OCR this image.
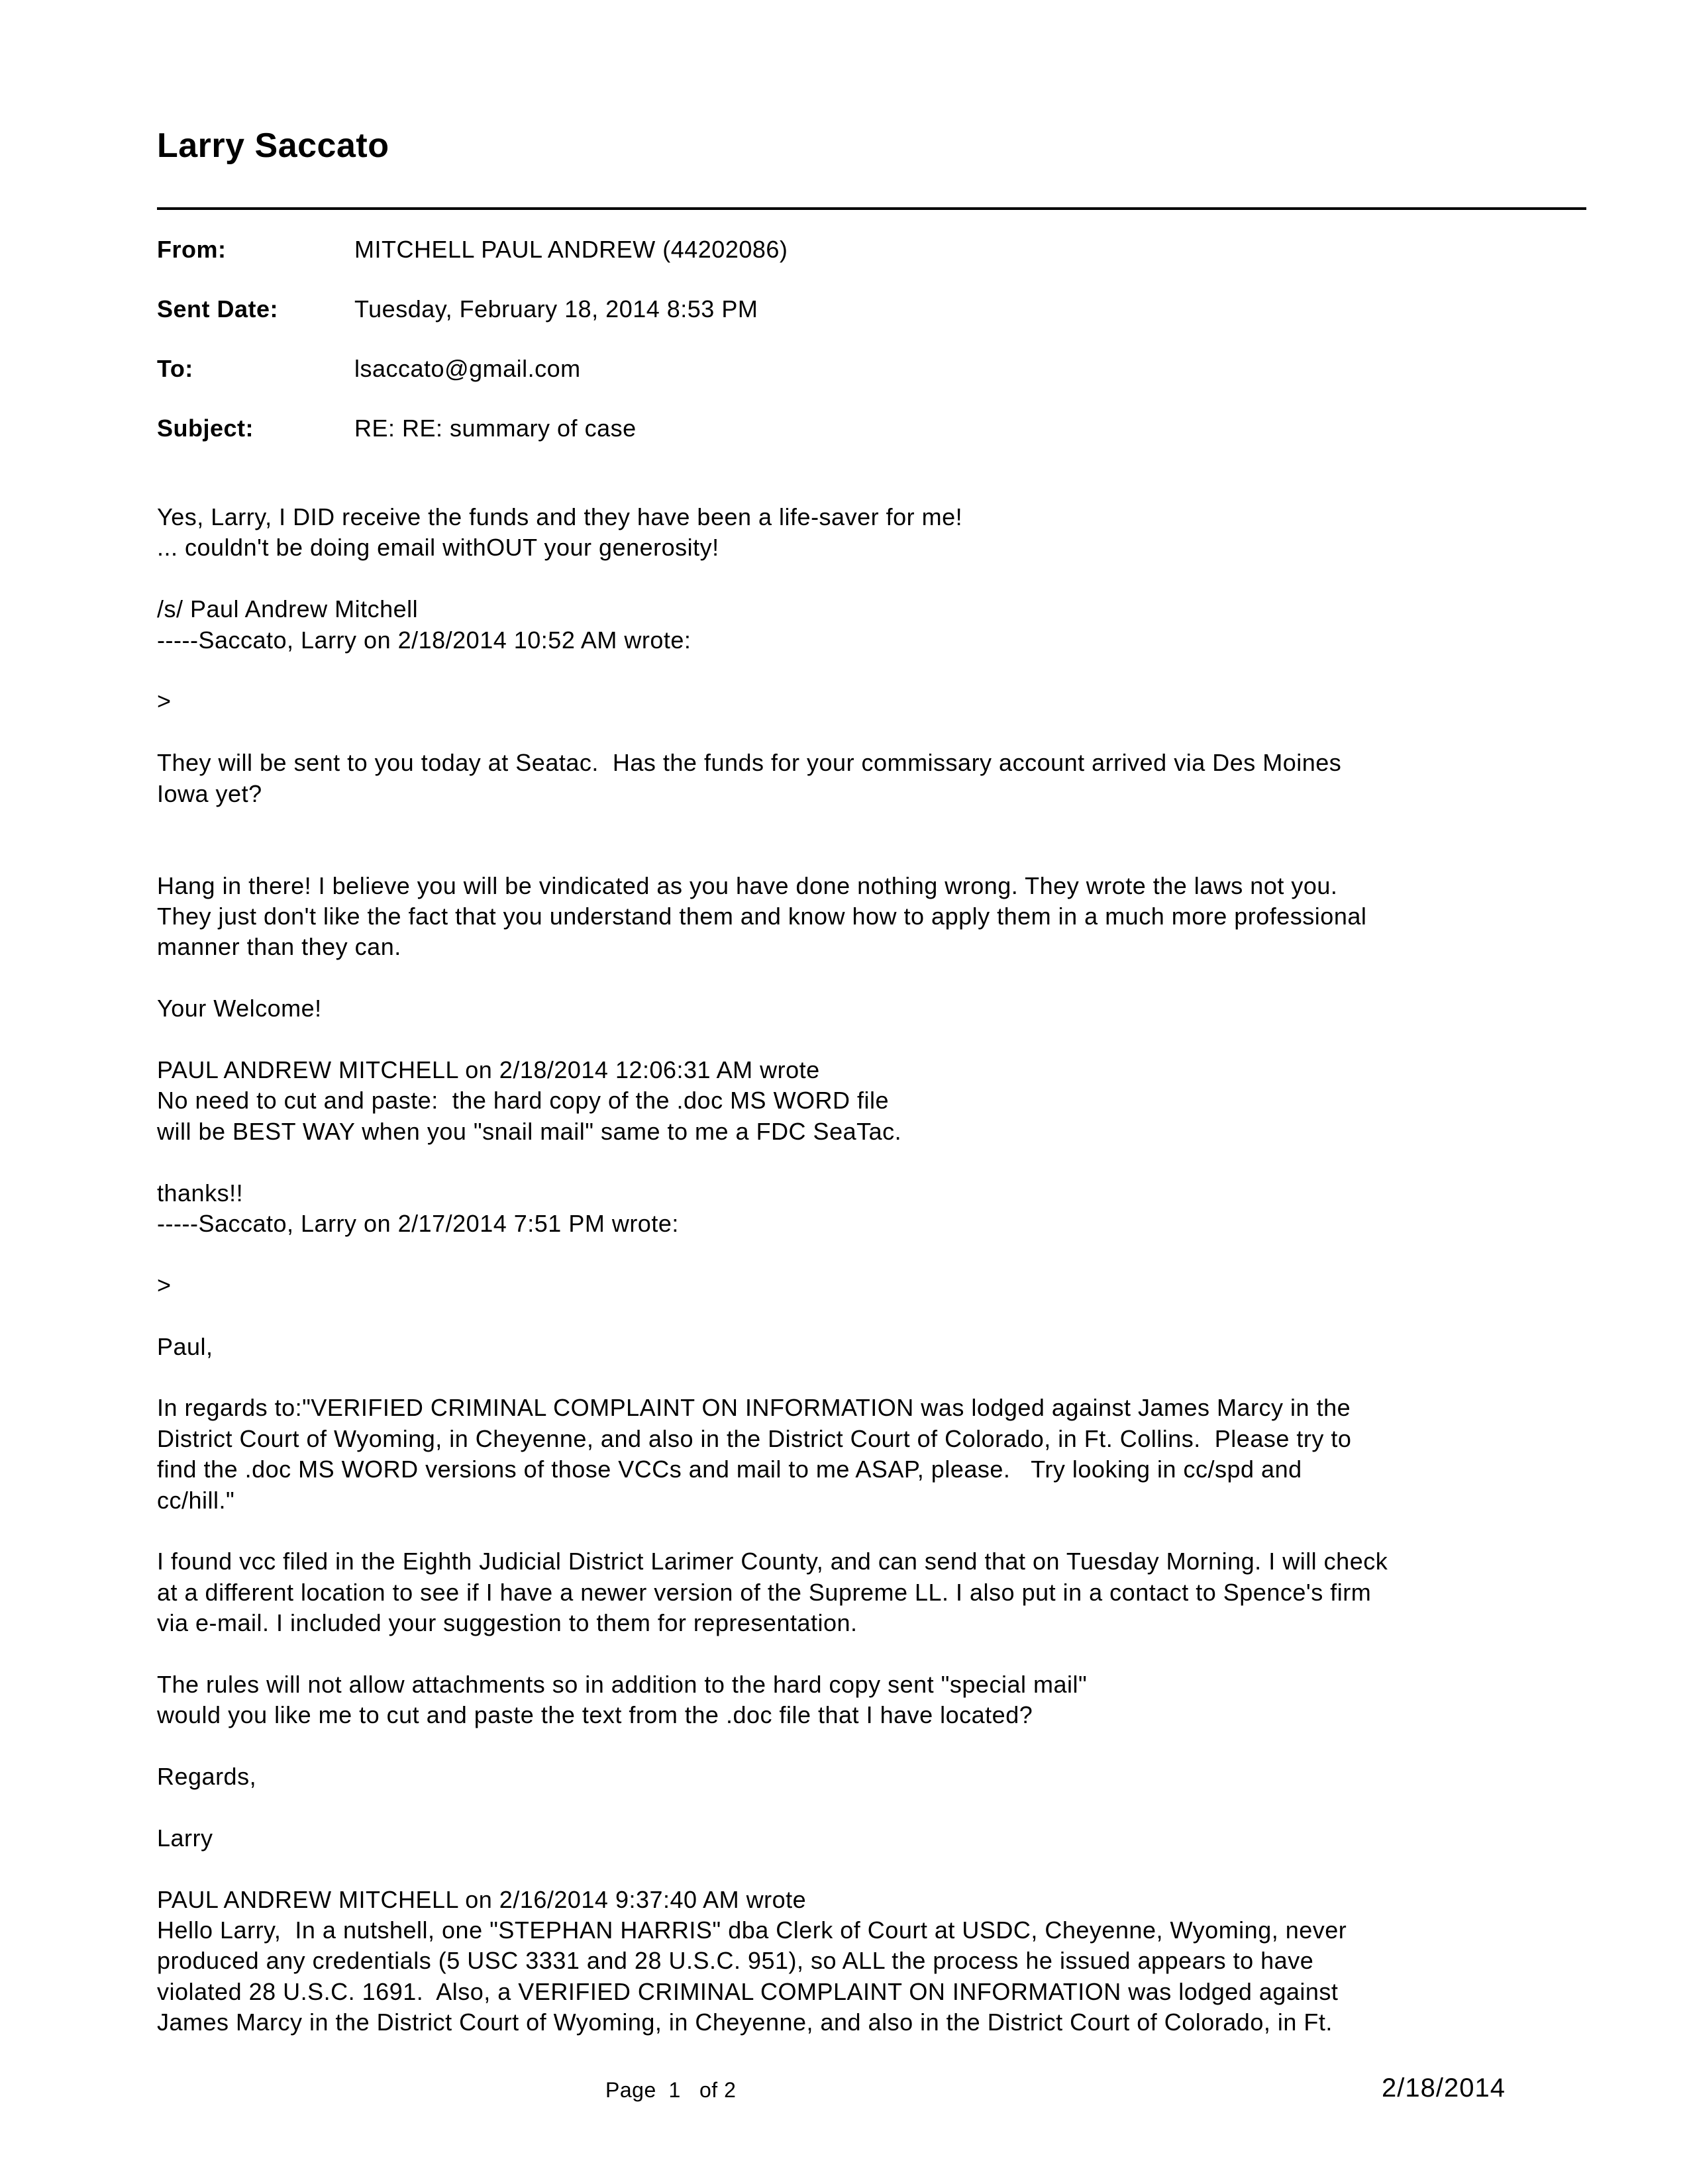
Larry Saccato
From:	MITCHELL PAUL ANDREW (44202086)
Sent Date:	Tuesday, February 18, 2014 8:53 PM
To:	lsaccato@gmail.com
Subject:	RE: RE: summary of case
Yes, Larry, I DID receive the funds and they have been a life-saver for me!
... couldn't be doing email withOUT your generosity!
/s/ Paul Andrew Mitchell
-----Saccato, Larry on 2/18/2014 10:52 AM wrote:
>
They will be sent to you today at Seatac.  Has the funds for your commissary account arrived via Des Moines
Iowa yet?
Hang in there! I believe you will be vindicated as you have done nothing wrong. They wrote the laws not you.
They just don't like the fact that you understand them and know how to apply them in a much more professional
manner than they can.
Your Welcome!
PAUL ANDREW MITCHELL on 2/18/2014 12:06:31 AM wrote
No need to cut and paste:  the hard copy of the .doc MS WORD file
will be BEST WAY when you "snail mail" same to me a FDC SeaTac.
thanks!!
-----Saccato, Larry on 2/17/2014 7:51 PM wrote:
>
Paul,
In regards to:"VERIFIED CRIMINAL COMPLAINT ON INFORMATION was lodged against James Marcy in the
District Court of Wyoming, in Cheyenne, and also in the District Court of Colorado, in Ft. Collins.  Please try to
find the .doc MS WORD versions of those VCCs and mail to me ASAP, please.   Try looking in cc/spd and
cc/hill."
I found vcc filed in the Eighth Judicial District Larimer County, and can send that on Tuesday Morning. I will check
at a different location to see if I have a newer version of the Supreme LL. I also put in a contact to Spence's firm
via e-mail. I included your suggestion to them for representation.
The rules will not allow attachments so in addition to the hard copy sent "special mail"
would you like me to cut and paste the text from the .doc file that I have located?
Regards,
Larry
PAUL ANDREW MITCHELL on 2/16/2014 9:37:40 AM wrote
Hello Larry,  In a nutshell, one "STEPHAN HARRIS" dba Clerk of Court at USDC, Cheyenne, Wyoming, never
produced any credentials (5 USC 3331 and 28 U.S.C. 951), so ALL the process he issued appears to have
violated 28 U.S.C. 1691.  Also, a VERIFIED CRIMINAL COMPLAINT ON INFORMATION was lodged against
James Marcy in the District Court of Wyoming, in Cheyenne, and also in the District Court of Colorado, in Ft.
Page  1   of 2	2/18/2014
